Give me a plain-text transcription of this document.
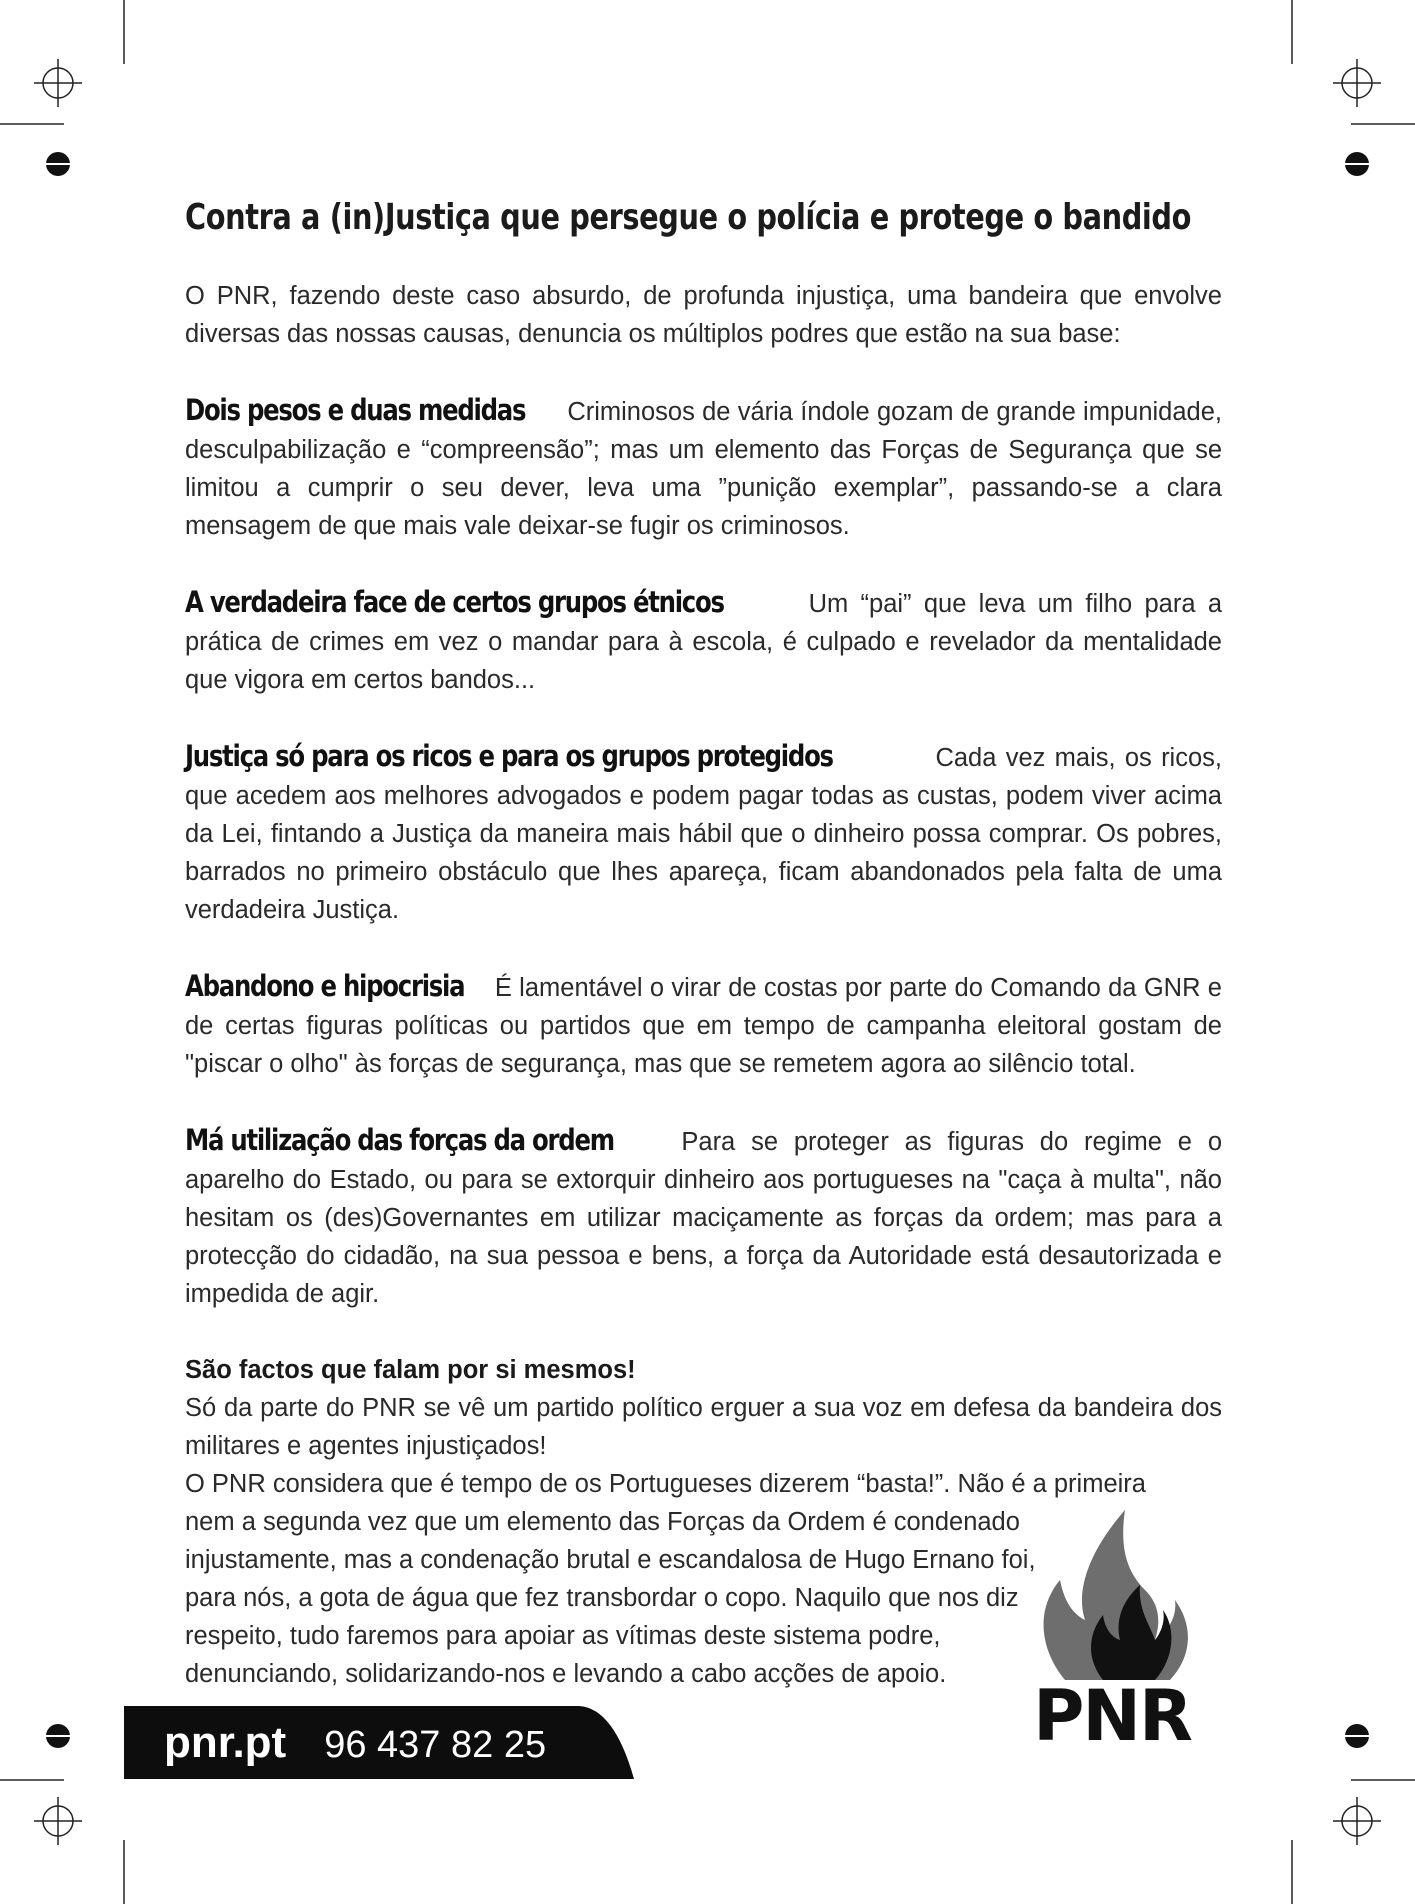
Contra a (in)Justiça que persegue o polícia e protege o bandido

O PNR, fazendo deste caso absurdo, de profunda injustiça, uma bandeira que envolve diversas das nossas causas, denuncia os múltiplos podres que estão na sua base:

Dois pesos e duas medidas Criminosos de vária índole gozam de grande impunidade, desculpabilização e “compreensão”; mas um elemento das Forças de Segurança que se limitou a cumprir o seu dever, leva uma ”punição exemplar”, passando-se a clara mensagem de que mais vale deixar-se fugir os criminosos.

A verdadeira face de certos grupos étnicos	Um “pai” que leva um filho para a prática de crimes em vez o mandar para à escola, é culpado e revelador da mentalidade que vigora em certos bandos...

Justiça só para os ricos e para os grupos protegidos	Cada vez mais, os ricos, que acedem aos melhores advogados e podem pagar todas as custas, podem viver acima da Lei, fintando a Justiça da maneira mais hábil que o dinheiro possa comprar. Os pobres, barrados no primeiro obstáculo que lhes apareça, ficam abandonados pela falta de uma verdadeira Justiça.

Abandono e hipocrisia É lamentável o virar de costas por parte do Comando da GNR e de certas figuras políticas ou partidos que em tempo de campanha eleitoral gostam de "piscar o olho" às forças de segurança, mas que se remetem agora ao silêncio total.

Má utilização das forças da ordem	Para se proteger as figuras do regime e o aparelho do Estado, ou para se extorquir dinheiro aos portugueses na "caça à multa", não hesitam os (des)Governantes em utilizar maciçamente as forças da ordem; mas para a protecção do cidadão, na sua pessoa e bens, a força da Autoridade está desautorizada e impedida de agir.

São factos que falam por si mesmos!

Só da parte do PNR se vê um partido político erguer a sua voz em defesa da bandeira dos militares e agentes injustiçados!

O PNR considera que é tempo de os Portugueses dizerem “basta!”. Não é a primeira

nem a segunda vez que um elemento das Forças da Ordem é condenado

injustamente, mas a condenação brutal e escandalosa de Hugo Ernano foi,

para nós, a gota de água que fez transbordar o copo. Naquilo que nos diz

respeito, tudo faremos para apoiar as vítimas deste sistema podre,

denunciando, solidarizando-nos e levando a cabo acções de apoio.

PNR
pnr.pt 96 437 82 25
